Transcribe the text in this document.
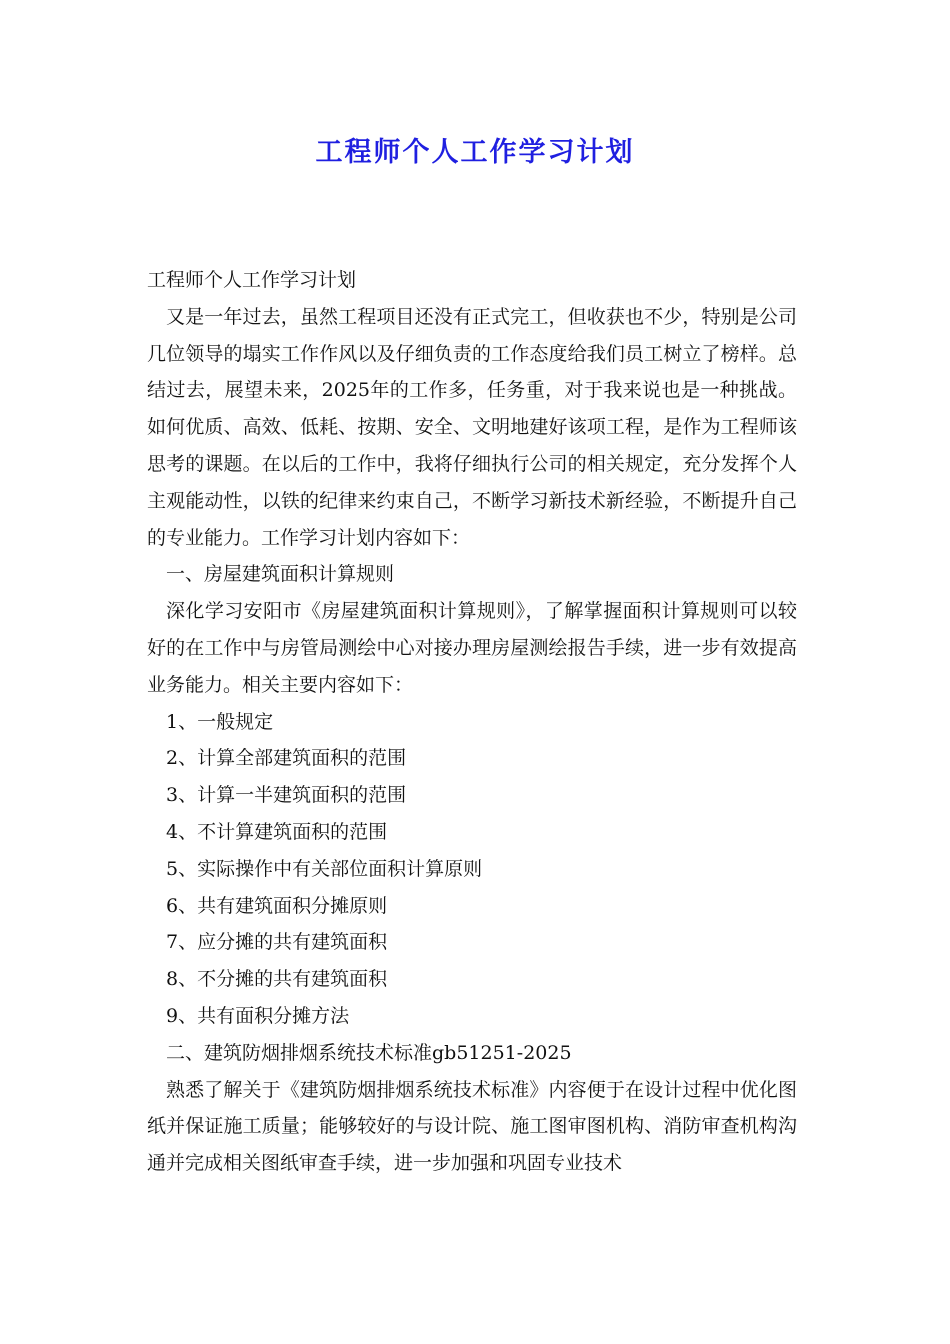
工程师个人工作学习计划

工程师个人工作学习计划

又是一年过去，虽然工程项目还没有正式完工，但收获也不少，特别是公司几位领导的塌实工作作风以及仔细负责的工作态度给我们员工树立了榜样。总结过去，展望未来，2025年的工作多，任务重，对于我来说也是一种挑战。如何优质、高效、低耗、按期、安全、文明地建好该项工程，是作为工程师该思考的课题。在以后的工作中，我将仔细执行公司的相关规定，充分发挥个人主观能动性，以铁的纪律来约束自己，不断学习新技术新经验，不断提升自己的专业能力。工作学习计划内容如下：

一、房屋建筑面积计算规则

深化学习安阳市《房屋建筑面积计算规则》，了解掌握面积计算规则可以较好的在工作中与房管局测绘中心对接办理房屋测绘报告手续，进一步有效提高业务能力。相关主要内容如下：

1、一般规定

2、计算全部建筑面积的范围

3、计算一半建筑面积的范围

4、不计算建筑面积的范围

5、实际操作中有关部位面积计算原则

6、共有建筑面积分摊原则

7、应分摊的共有建筑面积

8、不分摊的共有建筑面积

9、共有面积分摊方法

二、建筑防烟排烟系统技术标准gb51251-2025

熟悉了解关于《建筑防烟排烟系统技术标准》内容便于在设计过程中优化图纸并保证施工质量；能够较好的与设计院、施工图审图机构、消防审查机构沟通并完成相关图纸审查手续，进一步加强和巩固专业技术
